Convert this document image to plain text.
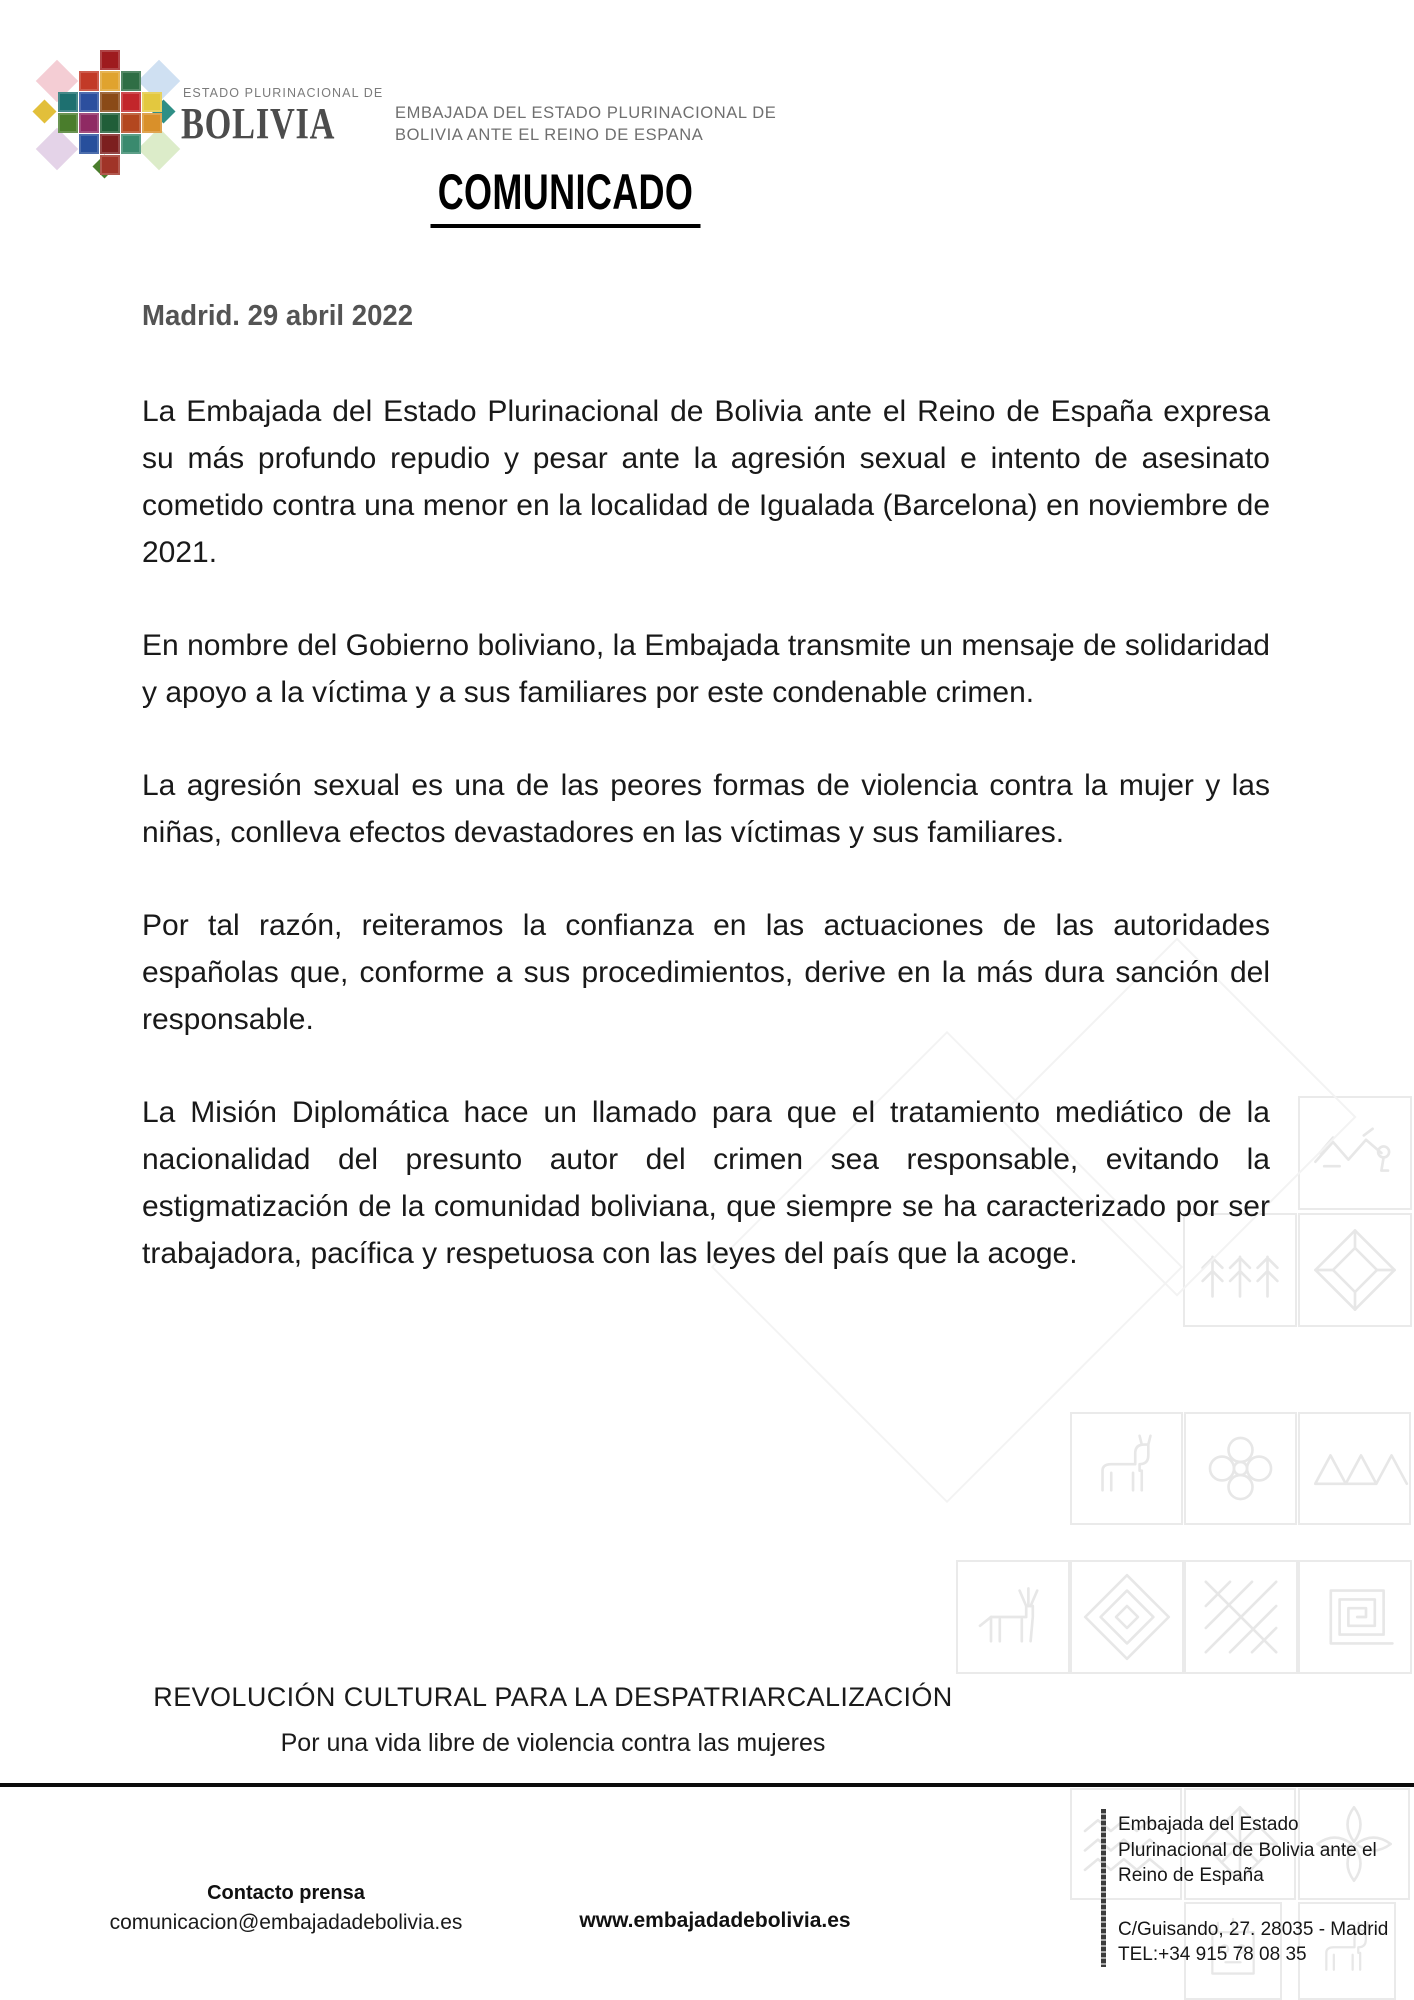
ESTADO PLURINACIONAL DE
BOLIVIA	EMBAJADA DEL ESTADO PLURINACIONAL DE
BOLIVIA ANTE EL REINO DE ESPANA
COMUNICADO
Madrid. 29 abril 2022

La Embajada del Estado Plurinacional de Bolivia ante el Reino de España expresa su más profundo repudio y pesar ante la agresión sexual e intento de asesinato cometido contra una menor en la localidad de Igualada (Barcelona) en noviembre de 2021.

En nombre del Gobierno boliviano, la Embajada transmite un mensaje de solidaridad y apoyo a la víctima y a sus familiares por este condenable crimen.

La agresión sexual es una de las peores formas de violencia contra la mujer y las niñas, conlleva efectos devastadores en las víctimas y sus familiares.

Por tal razón, reiteramos la confianza en las actuaciones de las autoridades españolas que, conforme a sus procedimientos, derive en la más dura sanción del responsable.

La Misión Diplomática hace un llamado para que el tratamiento mediático de la nacionalidad del presunto autor del crimen sea responsable, evitando la estigmatización de la comunidad boliviana, que siempre se ha caracterizado por ser trabajadora, pacífica y respetuosa con las leyes del país que la acoge.

REVOLUCIÓN CULTURAL PARA LA DESPATRIARCALIZACIÓN
Por una vida libre de violencia contra las mujeres
Contacto prensa
comunicacion@embajadadebolivia.es	www.embajadadebolivia.es
Embajada del Estado
Plurinacional de Bolivia ante el
Reino de España
C/Guisando, 27. 28035 - Madrid
TEL:+34 915 78 08 35
